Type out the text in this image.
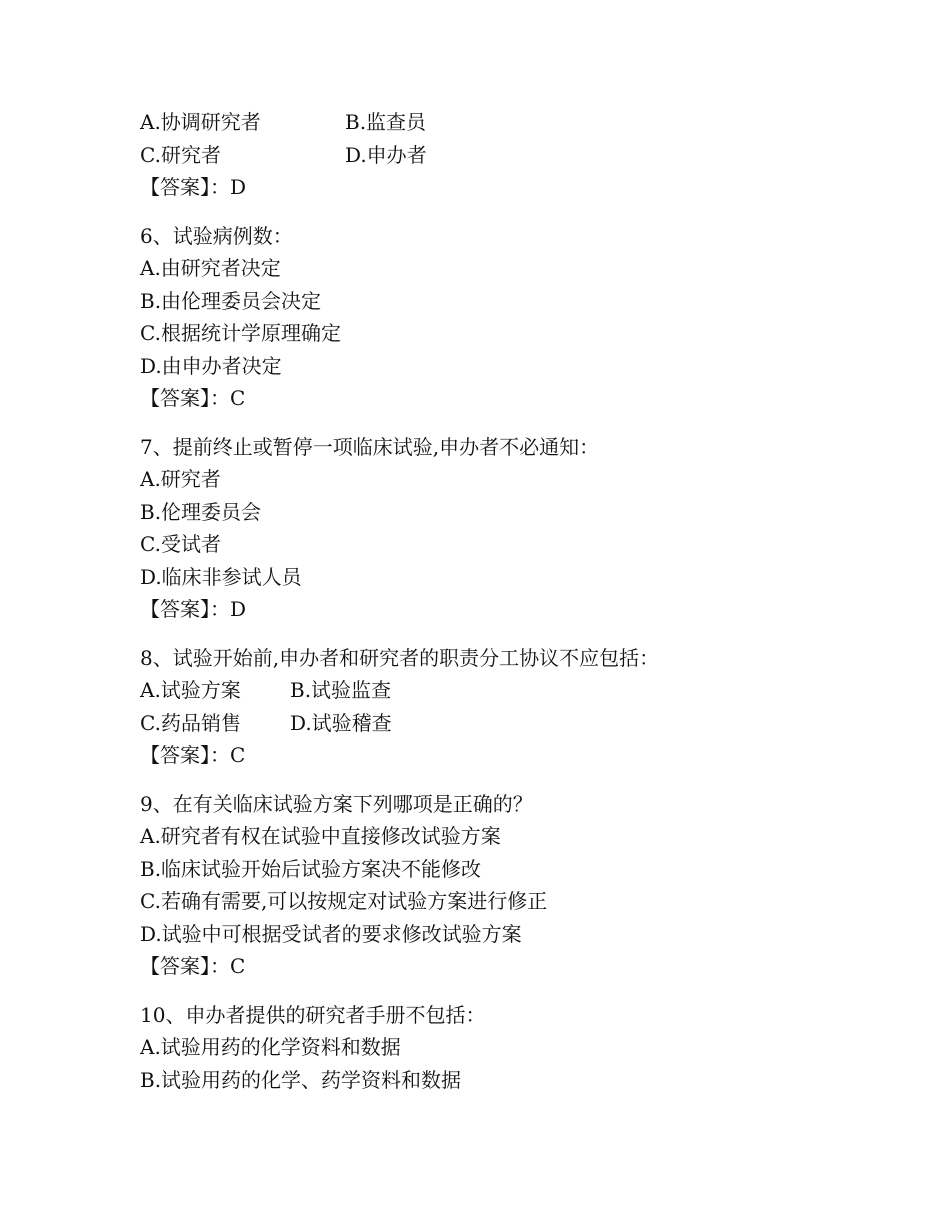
A.协调研究者	B.监查员
C.研究者	D.申办者
【答案】：D
6、试验病例数：
A.由研究者决定
B.由伦理委员会决定
C.根据统计学原理确定
D.由申办者决定
【答案】：C
7、提前终止或暂停一项临床试验,申办者不必通知：
A.研究者
B.伦理委员会
C.受试者
D.临床非参试人员
【答案】：D
8、试验开始前,申办者和研究者的职责分工协议不应包括：
A.试验方案	B.试验监查
C.药品销售	D.试验稽查
【答案】：C
9、在有关临床试验方案下列哪项是正确的？
A.研究者有权在试验中直接修改试验方案
B.临床试验开始后试验方案决不能修改
C.若确有需要,可以按规定对试验方案进行修正
D.试验中可根据受试者的要求修改试验方案
【答案】：C
10、申办者提供的研究者手册不包括：
A.试验用药的化学资料和数据
B.试验用药的化学、药学资料和数据
